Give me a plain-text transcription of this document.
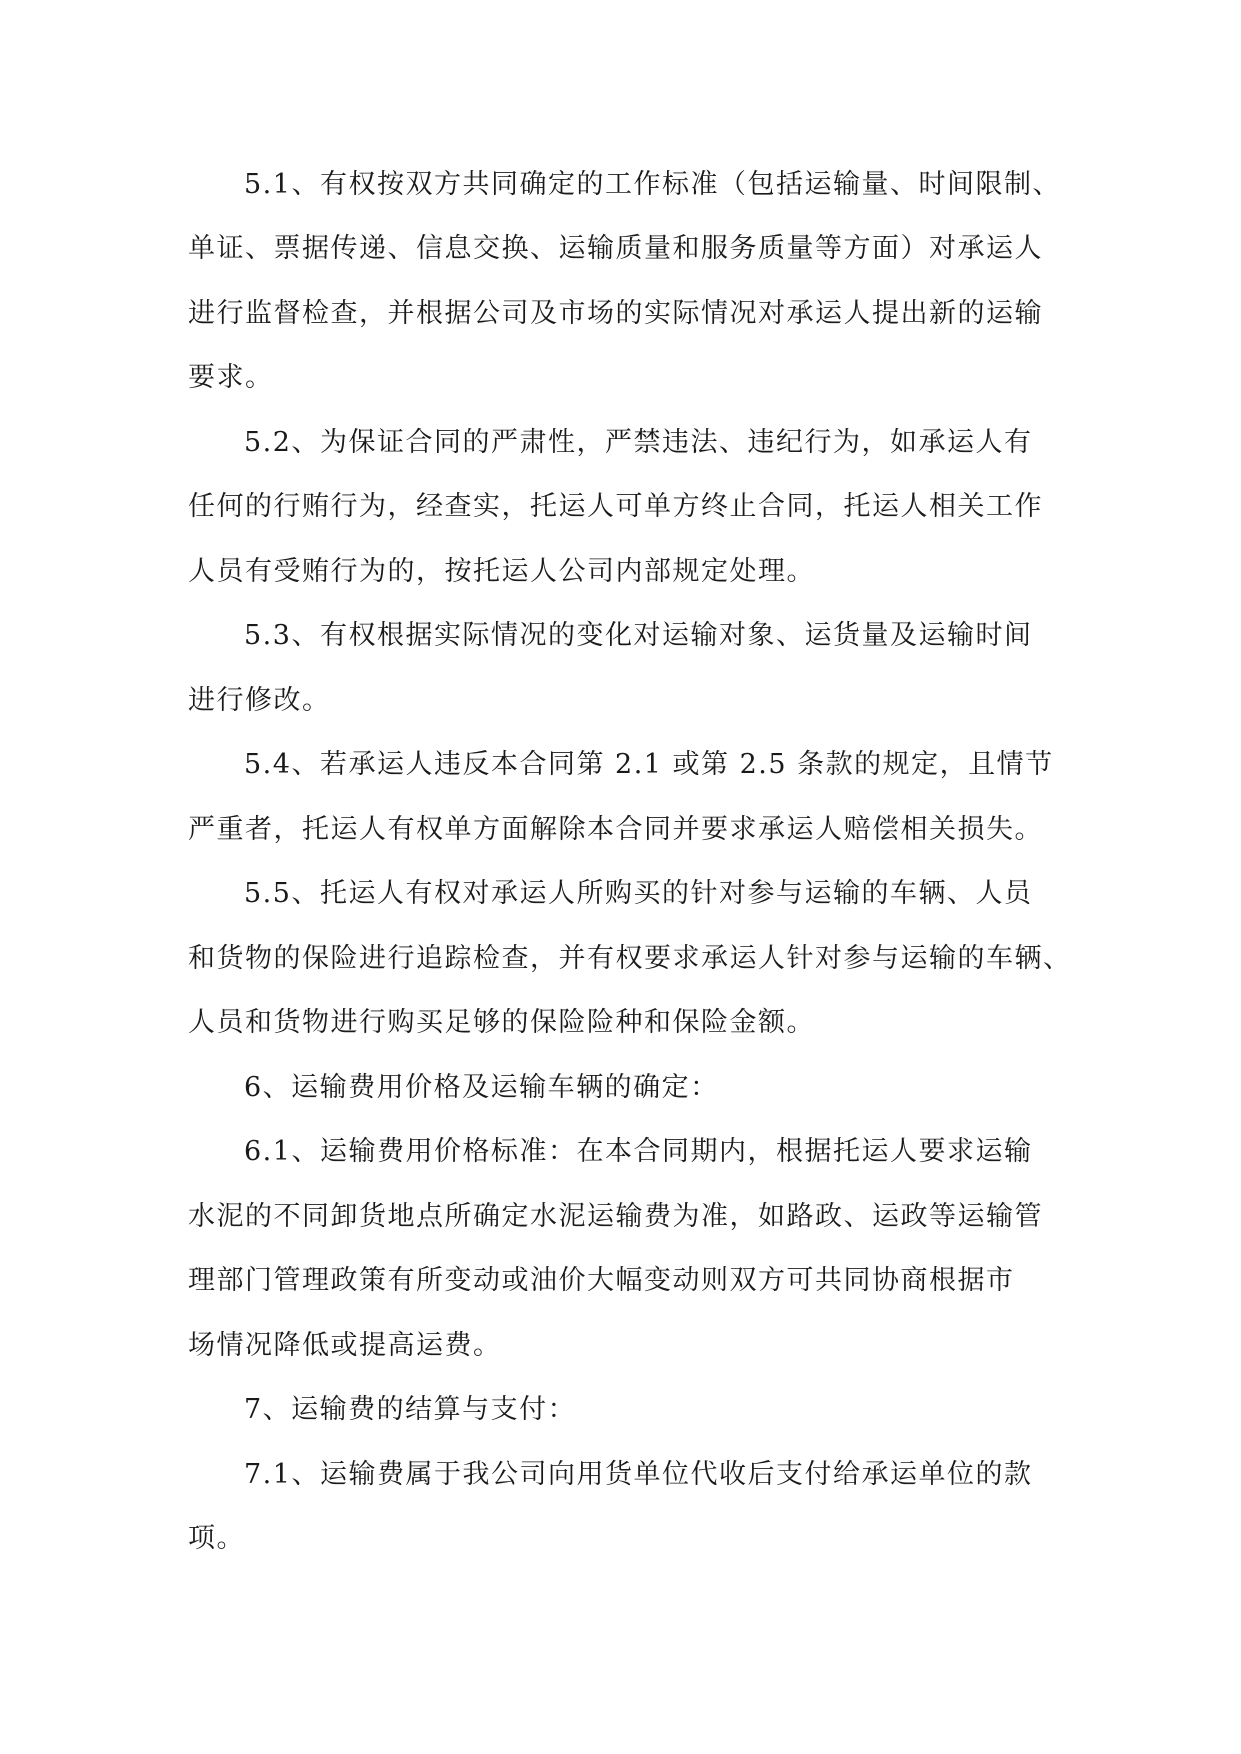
5.1、有权按双方共同确定的工作标准（包括运输量、时间限制、
单证、票据传递、信息交换、运输质量和服务质量等方面）对承运人
进行监督检查，并根据公司及市场的实际情况对承运人提出新的运输
要求。
5.2、为保证合同的严肃性，严禁违法、违纪行为，如承运人有
任何的行贿行为，经查实，托运人可单方终止合同，托运人相关工作
人员有受贿行为的，按托运人公司内部规定处理。
5.3、有权根据实际情况的变化对运输对象、运货量及运输时间
进行修改。
5.4、若承运人违反本合同第 2.1 或第 2.5 条款的规定，且情节
严重者，托运人有权单方面解除本合同并要求承运人赔偿相关损失。
5.5、托运人有权对承运人所购买的针对参与运输的车辆、人员
和货物的保险进行追踪检查，并有权要求承运人针对参与运输的车辆、
人员和货物进行购买足够的保险险种和保险金额。
6、运输费用价格及运输车辆的确定：
6.1、运输费用价格标准：在本合同期内，根据托运人要求运输
水泥的不同卸货地点所确定水泥运输费为准，如路政、运政等运输管
理部门管理政策有所变动或油价大幅变动则双方可共同协商根据市
场情况降低或提高运费。
7、运输费的结算与支付：
7.1、运输费属于我公司向用货单位代收后支付给承运单位的款
项。
